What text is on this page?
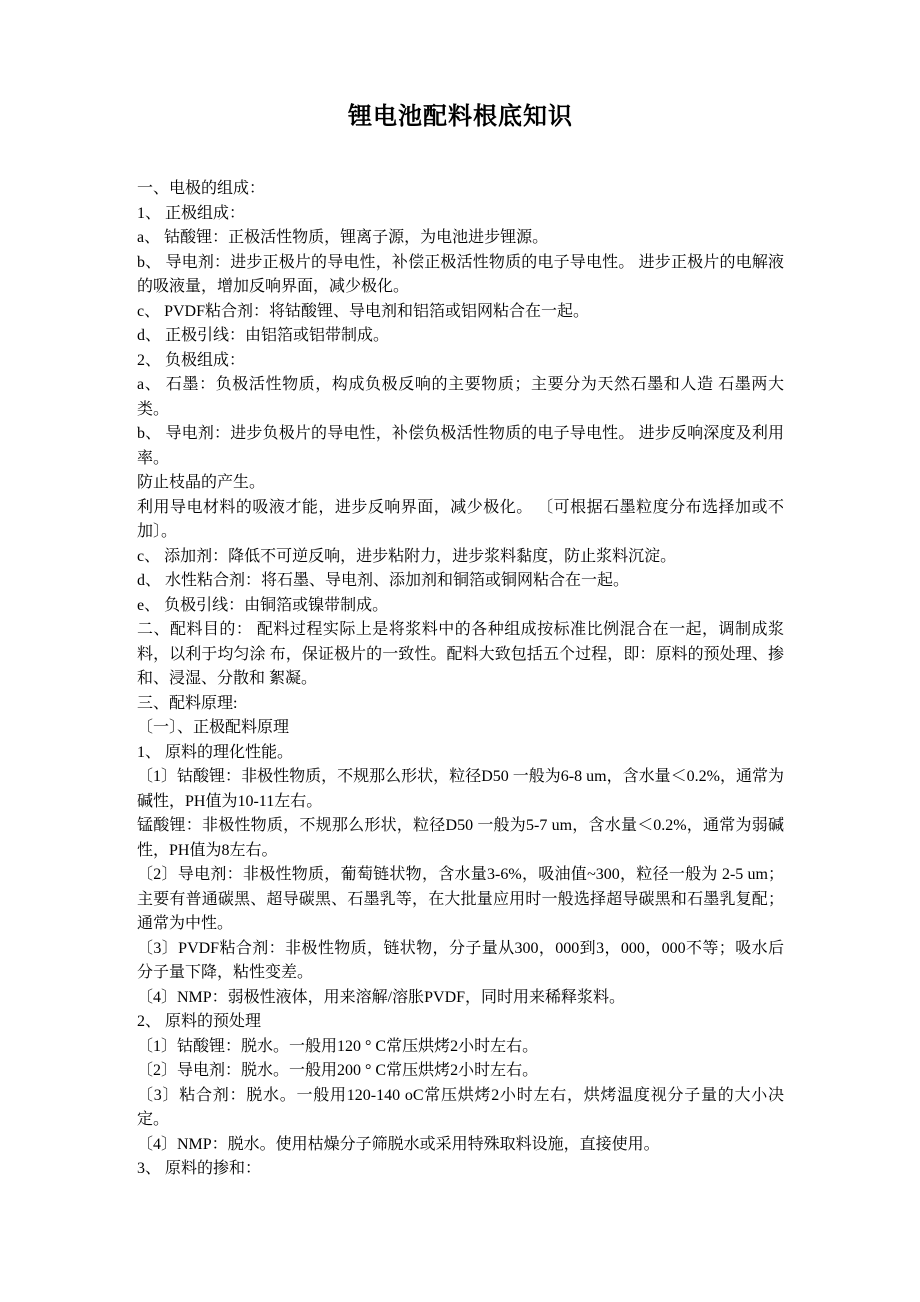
锂电池配料根底知识

一、电极的组成：

1、 正极组成：

a、 钴酸锂：正极活性物质，锂离子源，为电池进步锂源。

b、 导电剂：进步正极片的导电性，补偿正极活性物质的电子导电性。 进步正极片的电解液的吸液量，增加反响界面，减少极化。

c、 PVDF粘合剂：将钴酸锂、导电剂和铝箔或铝网粘合在一起。

d、 正极引线：由铝箔或铝带制成。

2、 负极组成：

a、 石墨：负极活性物质，构成负极反响的主要物质；主要分为天然石墨和人造 石墨两大类。

b、 导电剂：进步负极片的导电性，补偿负极活性物质的电子导电性。 进步反响深度及利用率。

防止枝晶的产生。

利用导电材料的吸液才能，进步反响界面，减少极化。 〔可根据石墨粒度分布选择加或不加〕。

c、 添加剂：降低不可逆反响，进步粘附力，进步浆料黏度，防止浆料沉淀。

d、 水性粘合剂：将石墨、导电剂、添加剂和铜箔或铜网粘合在一起。

e、 负极引线：由铜箔或镍带制成。

二、配料目的： 配料过程实际上是将浆料中的各种组成按标准比例混合在一起，调制成浆料，以利于均匀涂 布，保证极片的一致性。配料大致包括五个过程，即：原料的预处理、掺和、浸湿、分散和 絮凝。

三、配料原理:

〔一〕、正极配料原理

1、 原料的理化性能。

〔1〕钴酸锂：非极性物质，不规那么形状，粒径D50 一般为6-8 um，含水量＜0.2%，通常为碱性，PH值为10-11左右。

锰酸锂：非极性物质，不规那么形状，粒径D50 一般为5-7 um，含水量＜0.2%，通常为弱碱性，PH值为8左右。

〔2〕导电剂：非极性物质，葡萄链状物，含水量3-6%，吸油值~300，粒径一般为 2-5 um；主要有普通碳黑、超导碳黑、石墨乳等，在大批量应用时一般选择超导碳黑和石墨乳复配；通常为中性。

〔3〕PVDF粘合剂：非极性物质，链状物，分子量从300，000到3，000，000不等；吸水后分子量下降，粘性变差。

〔4〕NMP：弱极性液体，用来溶解/溶胀PVDF，同时用来稀释浆料。

2、 原料的预处理

〔1〕钴酸锂：脱水。一般用120 ° C常压烘烤2小时左右。

〔2〕导电剂：脱水。一般用200 ° C常压烘烤2小时左右。

〔3〕粘合剂：脱水。一般用120-140 oC常压烘烤2小时左右，烘烤温度视分子量的大小决定。

〔4〕NMP：脱水。使用枯燥分子筛脱水或采用特殊取料设施，直接使用。

3、 原料的掺和：
